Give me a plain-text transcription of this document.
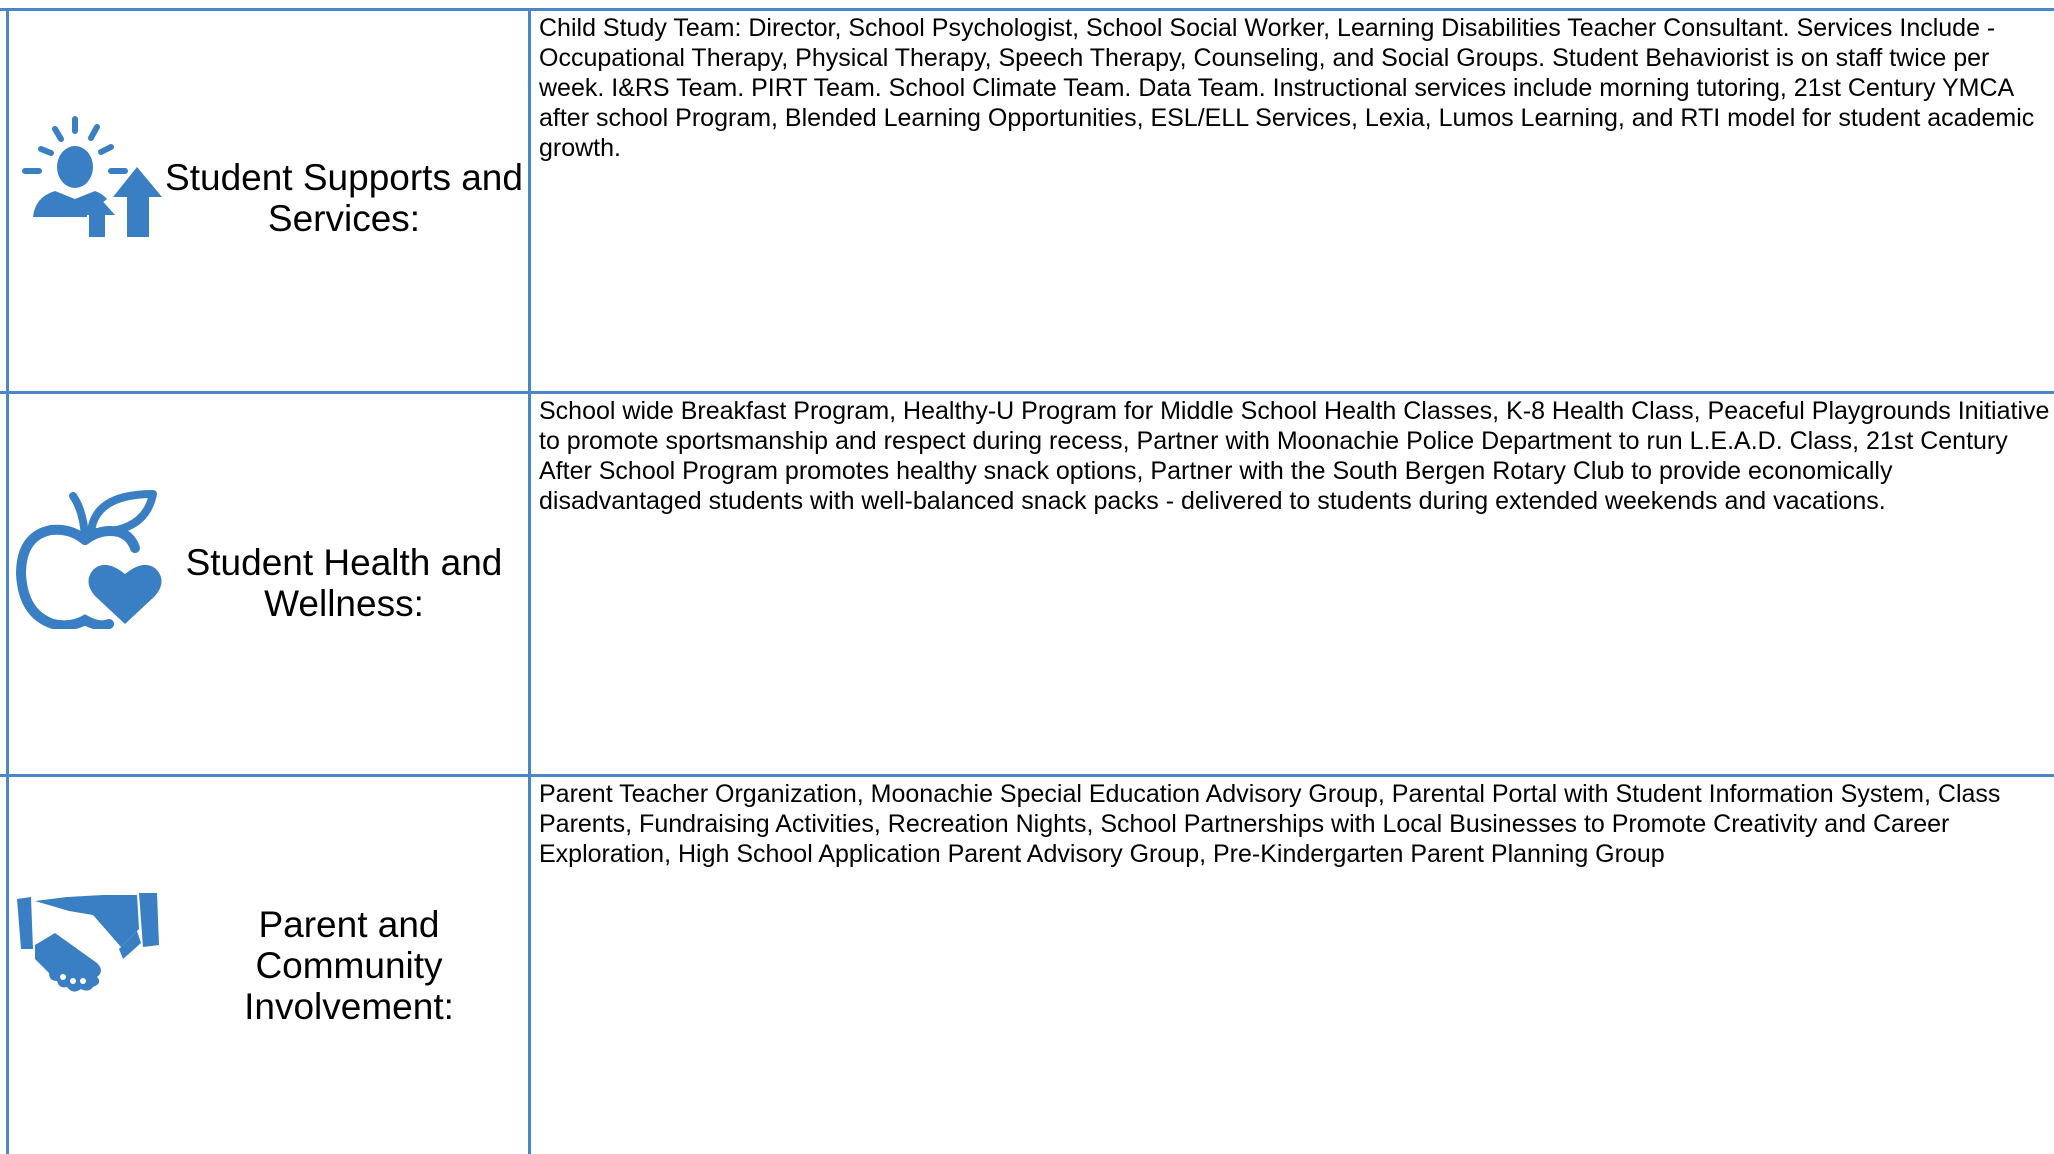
Student Supports and Services:

Child Study Team: Director, School Psychologist, School Social Worker, Learning Disabilities Teacher Consultant. Services Include - Occupational Therapy, Physical Therapy, Speech Therapy, Counseling, and Social Groups. Student Behaviorist is on staff twice per week. I&RS Team. PIRT Team. School Climate Team. Data Team. Instructional services include morning tutoring, 21st Century YMCA after school Program, Blended Learning Opportunities, ESL/ELL Services, Lexia, Lumos Learning, and RTI model for student academic growth.

Student Health and Wellness:

School wide Breakfast Program, Healthy-U Program for Middle School Health Classes, K-8 Health Class, Peaceful Playgrounds Initiative to promote sportsmanship and respect during recess, Partner with Moonachie Police Department to run L.E.A.D. Class, 21st Century After School Program promotes healthy snack options, Partner with the South Bergen Rotary Club to provide economically disadvantaged students with well-balanced snack packs - delivered to students during extended weekends and vacations.

Parent and Community Involvement:

Parent Teacher Organization, Moonachie Special Education Advisory Group, Parental Portal with Student Information System, Class Parents, Fundraising Activities, Recreation Nights, School Partnerships with Local Businesses to Promote Creativity and Career Exploration, High School Application Parent Advisory Group, Pre-Kindergarten Parent Planning Group
